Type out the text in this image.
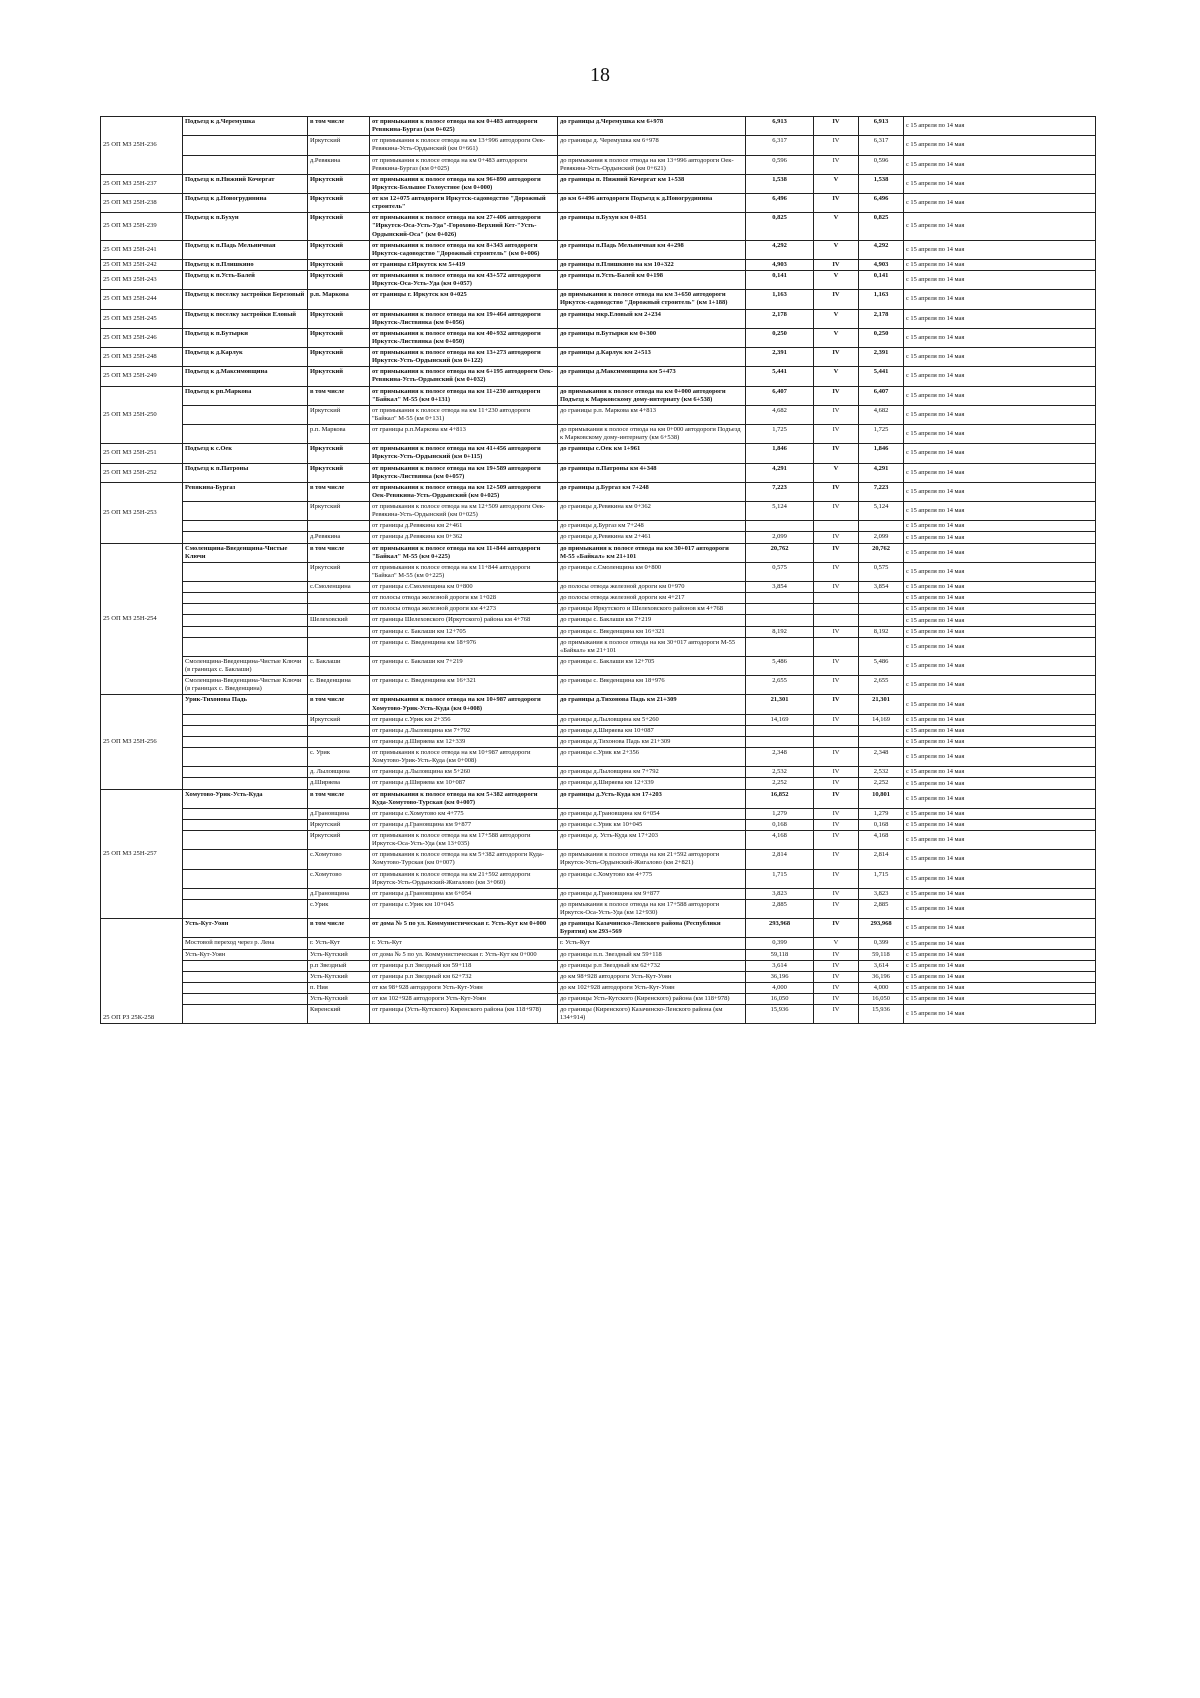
18
25 ОП МЗ 25Н-236	Подъезд к д.Черемушка	в том числе	от примыкания к полосе отвода на км 0+483 автодороги Ревякина-Бургаз (км 0+025)	до границы д.Черемушка км 6+978	6,913	IV	6,913	с 15 апреля по 14 мая
		Иркутский	от примыкания к полосе отвода на км 13+996 автодороги Оек-Ревякина-Усть-Ордынский (км 0+661)	до границы д. Черемушка км 6+978	6,317	IV	6,317	с 15 апреля по 14 мая
		д.Ревякина	от примыкания к полосе отвода на км 0+483 автодороги Ревякина-Бургаз (км 0+025)	до примыкания к полосе отвода на км 13+996 автодороги Оек-Ревякина-Усть-Ордынский (км 0+621)	0,596	IV	0,596	с 15 апреля по 14 мая
25 ОП МЗ 25Н-237	Подъезд к п.Нижний Кочергат	Иркутский	от примыкания к полосе отвода на км 96+890 автодороги Иркутск-Большое Голоустное (км 0+000)	до границы п. Нижний Кочергат км 1+538	1,538	V	1,538	с 15 апреля по 14 мая
25 ОП МЗ 25Н-238	Подъезд к д.Новогрудинина	Иркутский	от км 12+075 автодороги Иркутск-садоводство "Дорожный строитель"	до км 6+496 автодороги Подъезд к д.Новогрудинина	6,496	IV	6,496	с 15 апреля по 14 мая
25 ОП МЗ 25Н-239	Подъезд к п.Бухун	Иркутский	от примыкания к полосе отвода на км 27+406 автодороги "Иркутск-Оса-Усть-Уда"-Горохово-Верхний Кет-"Усть-Ордынский-Оса" (км 0+026)	до границы п.Бухун км 0+851	0,825	V	0,825	с 15 апреля по 14 мая
25 ОП МЗ 25Н-241	Подъезд к п.Падь Мельничная	Иркутский	от примыкания к полосе отвода на км 8+343 автодороги Иркутск-садоводство "Дорожный строитель" (км 0+006)	до границы п.Падь Мельничная км 4+298	4,292	V	4,292	с 15 апреля по 14 мая
25 ОП МЗ 25Н-242	Подъезд к п.Плишкино	Иркутский	от границы г.Иркутск км 5+419	до границы п.Плишкино на км 10+322	4,903	IV	4,903	с 15 апреля по 14 мая
25 ОП МЗ 25Н-243	Подъезд к п.Усть-Балей	Иркутский	от примыкания к полосе отвода на км 43+572 автодороги Иркутск-Оса-Усть-Уда (км 0+057)	до границы п.Усть-Балей км 0+198	0,141	V	0,141	с 15 апреля по 14 мая
25 ОП МЗ 25Н-244	Подъезд к поселку застройки Березовый	р.п. Маркова	от границы г. Иркутск км 0+025	до примыкания к полосе отвода на км 3+650 автодороги Иркутск-садоводство "Дорожный строитель" (км 1+188)	1,163	IV	1,163	с 15 апреля по 14 мая
25 ОП МЗ 25Н-245	Подъезд к поселку застройки Еловый	Иркутский	от примыкания к полосе отвода на км 19+464 автодороги Иркутск-Листвянка (км 0+056)	до границы мкр.Еловый км 2+234	2,178	V	2,178	с 15 апреля по 14 мая
25 ОП МЗ 25Н-246	Подъезд к п.Бутырки	Иркутский	от примыкания к полосе отвода на км 40+932 автодороги Иркутск-Листвянка (км 0+050)	до границы п.Бутырки км 0+300	0,250	V	0,250	с 15 апреля по 14 мая
25 ОП МЗ 25Н-248	Подъезд к д.Карлук	Иркутский	от примыкания к полосе отвода на км 13+273 автодороги Иркутск-Усть-Ордынский (км 0+122)	до границы д.Карлук км 2+513	2,391	IV	2,391	с 15 апреля по 14 мая
25 ОП МЗ 25Н-249	Подъезд к д.Максимовщина	Иркутский	от примыкания к полосе отвода на км 6+195 автодороги Оек-Ревякина-Усть-Ордынский (км 0+032)	до границы д.Максимовщина км 5+473	5,441	V	5,441	с 15 апреля по 14 мая
25 ОП МЗ 25Н-250	Подъезд к рп.Маркова	в том числе	от примыкания к полосе отвода на км 11+230 автодороги "Байкал" М-55 (км 0+131)	до примыкания к полосе отвода на км 0+000 автодороги Подъезд к Марковскому дому-интернату (км 6+538)	6,407	IV	6,407	с 15 апреля по 14 мая
		Иркутский	от примыкания к полосе отвода на км 11+230 автодороги "Байкал" М-55 (км 0+131)	до границы р.п. Маркова км 4+813	4,682	IV	4,682	с 15 апреля по 14 мая
		р.п. Маркова	от границы р.п.Маркова км 4+813	до примыкания к полосе отвода на км 0+000 автодороги Подъезд к Марковскому дому-интернату (км 6+538)	1,725	IV	1,725	с 15 апреля по 14 мая
25 ОП МЗ 25Н-251	Подъезд к с.Оек	Иркутский	от примыкания к полосе отвода на км 41+456 автодороги Иркутск-Усть-Ордынский (км 0+115)	до границы с.Оек км 1+961	1,846	IV	1,846	с 15 апреля по 14 мая
25 ОП МЗ 25Н-252	Подъезд к п.Патроны	Иркутский	от примыкания к полосе отвода на км 19+589 автодороги Иркутск-Листвянка (км 0+057)	до границы п.Патроны км 4+348	4,291	V	4,291	с 15 апреля по 14 мая
25 ОП МЗ 25Н-253	Ревякина-Бургаз	в том числе	от примыкания к полосе отвода на км 12+509 автодороги Оек-Ревякина-Усть-Ордынский (км 0+025)	до границы д.Бургаз км 7+248	7,223	IV	7,223	с 15 апреля по 14 мая
		Иркутский	от примыкания к полосе отвода на км 12+509 автодороги Оек-Ревякина-Усть-Ордынский (км 0+025)	до границы д.Ревякина км 0+362	5,124	IV	5,124	с 15 апреля по 14 мая
			от границы д.Ревякина км 2+461	до границы д.Бургаз км 7+248				с 15 апреля по 14 мая
		д.Ревякина	от границы д.Ревякина км 0+362	до границы д.Ревякина км 2+461	2,099	IV	2,099	с 15 апреля по 14 мая
25 ОП МЗ 25Н-254	Смоленщина-Введенщина-Чистые Ключи	в том числе	от примыкания к полосе отвода на км 11+844 автодороги "Байкал" М-55 (км 0+225)	до примыкания к полосе отвода на км 30+017 автодороги М-55 «Байкал» км 21+101	20,762	IV	20,762	с 15 апреля по 14 мая
		Иркутский	от примыкания к полосе отвода на км 11+844 автодороги "Байкал" М-55 (км 0+225)	до границы с.Смоленщина км 0+800	0,575	IV	0,575	с 15 апреля по 14 мая
		с.Смоленщина	от границы с.Смоленщина км 0+800	до полосы отвода железной дороги км 0+970	3,854	IV	3,854	с 15 апреля по 14 мая
			от полосы отвода железной дороги км 1+028	до полосы отвода железной дороги км 4+217				с 15 апреля по 14 мая
			от полосы отвода железной дороги км 4+273	до границы Иркутского и Шелеховского районов км 4+768				с 15 апреля по 14 мая
		Шелеховский	от границы Шелеховского (Иркутского) района км 4+768	до границы с. Баклаши км 7+219				с 15 апреля по 14 мая
			от границы с. Баклаши км 12+705	до границы с. Введенщина км 16+321	8,192	IV	8,192	с 15 апреля по 14 мая
			от границы с. Введенщина км 18+976	до примыкания к полосе отвода на км 30+017 автодороги М-55 «Байкал» км 21+101				с 15 апреля по 14 мая
	Смоленщина-Введенщина-Чистые Ключи (в границах с. Баклаши)	с. Баклаши	от границы с. Баклаши км 7+219	до границы с. Баклаши км 12+705	5,486	IV	5,486	с 15 апреля по 14 мая
	Смоленщина-Введенщина-Чистые Ключи (в границах с. Введенщина)	с. Введенщина	от границы с. Введенщина км 16+321	до границы с. Введенщина км 18+976	2,655	IV	2,655	с 15 апреля по 14 мая
25 ОП МЗ 25Н-256	Урик-Тихонова Падь	в том числе	от примыкания к полосе отвода на км 10+987 автодороги Хомутово-Урик-Усть-Куда (км 0+008)	до границы д.Тихонова Падь км 21+309	21,301	IV	21,301	с 15 апреля по 14 мая
		Иркутский	от границы с.Урик км 2+356	до границы д.Лыловщина км 5+260	14,169	IV	14,169	с 15 апреля по 14 мая
			от границы д.Лыловщина км 7+792	до границы д.Ширяева км 10+087				с 15 апреля по 14 мая
			от границы д.Ширяева км 12+339	до границы д.Тихонова Падь км 21+309				с 15 апреля по 14 мая
		с. Урик	от примыкания к полосе отвода на км 10+987 автодороги Хомутово-Урик-Усть-Куда (км 0+008)	до границы с.Урик км 2+356	2,348	IV	2,348	с 15 апреля по 14 мая
		д. Лыловщина	от границы д.Лыловщина км 5+260	до границы д.Лыловщина км 7+792	2,532	IV	2,532	с 15 апреля по 14 мая
		д.Ширяева	от границы д.Ширяева км 10+087	до границы д.Ширяева км 12+339	2,252	IV	2,252	с 15 апреля по 14 мая
25 ОП МЗ 25Н-257	Хомутово-Урик-Усть-Куда	в том числе	от примыкания к полосе отвода на км 5+382 автодороги Куда-Хомутово-Турская (км 0+007)	до границы д.Усть-Куда км 17+203	16,852	IV	10,801	с 15 апреля по 14 мая
		д.Грановщина	от границы с.Хомутово км 4+775	до границы д.Грановщина км 6+054	1,279	IV	1,279	с 15 апреля по 14 мая
		Иркутский	от границы д.Грановщина км 9+877	до границы с.Урик км 10+045	0,168	IV	0,168	с 15 апреля по 14 мая
		Иркутский	от примыкания к полосе отвода на км 17+588 автодороги Иркутск-Оса-Усть-Уда (км 13+035)	до границы д. Усть-Куда км 17+203	4,168	IV	4,168	с 15 апреля по 14 мая
		с.Хомутово	от примыкания к полосе отвода на км 5+382 автодороги Куда-Хомутово-Турская (км 0+007)	до примыкания к полосе отвода на км 21+592 автодороги Иркутск-Усть-Ордынский-Жигалово (км 2+821)	2,814	IV	2,814	с 15 апреля по 14 мая
		с.Хомутово	от примыкания к полосе отвода на км 21+592 автодороги Иркутск-Усть-Ордынский-Жигалово (км 3+060)	до границы с.Хомутово км 4+775	1,715	IV	1,715	с 15 апреля по 14 мая
		д.Грановщина	от границы д.Грановщина км 6+054	до границы д.Грановщина км 9+877	3,823	IV	3,823	с 15 апреля по 14 мая
		с.Урик	от границы с.Урик км 10+045	до примыкания к полосе отвода на км 17+588 автодороги Иркутск-Оса-Усть-Уда (км 12+930)	2,885	IV	2,885	с 15 апреля по 14 мая
25 ОП РЗ 25К-258	Усть-Кут-Уоян	в том числе	от дома № 5 по ул. Коммунистическая г. Усть-Кут км 0+000	до границы Казачинско-Ленского района (Республики Бурятия) км 293+569	293,968	IV	293,968	с 15 апреля по 14 мая
	Мостовой переход через р. Лена	г. Усть-Кут	г. Усть-Кут	г. Усть-Кут	0,399	V	0,399	с 15 апреля по 14 мая
	Усть-Кут-Уоян	Усть-Кутский	от дома № 5 по ул. Коммунистическая г. Усть-Кут км 0+000	до границы п.п. Звездный км 59+118	59,118	IV	59,118	с 15 апреля по 14 мая
		р.п Звездный	от границы р.п Звездный км 59+118	до границы р.п Звездный км 62+732	3,614	IV	3,614	с 15 апреля по 14 мая
		Усть-Кутский	от границы р.п Звездный км 62+732	до км 98+928 автодороги Усть-Кут-Уоян	36,196	IV	36,196	с 15 апреля по 14 мая
		п. Ния	от км 98+928 автодороги Усть-Кут-Уоян	до км 102+928 автодороги Усть-Кут-Уоян	4,000	IV	4,000	с 15 апреля по 14 мая
		Усть-Кутский	от км 102+928 автодороги Усть-Кут-Уоян	до границы Усть-Кутского (Киренского) района (км 118+978)	16,050	IV	16,050	с 15 апреля по 14 мая
		Киренский	от границы (Усть-Кутского) Киренского района (км 118+978)	до границы (Киренского) Казачинско-Ленского района (км 134+914)	15,936	IV	15,936	с 15 апреля по 14 мая
